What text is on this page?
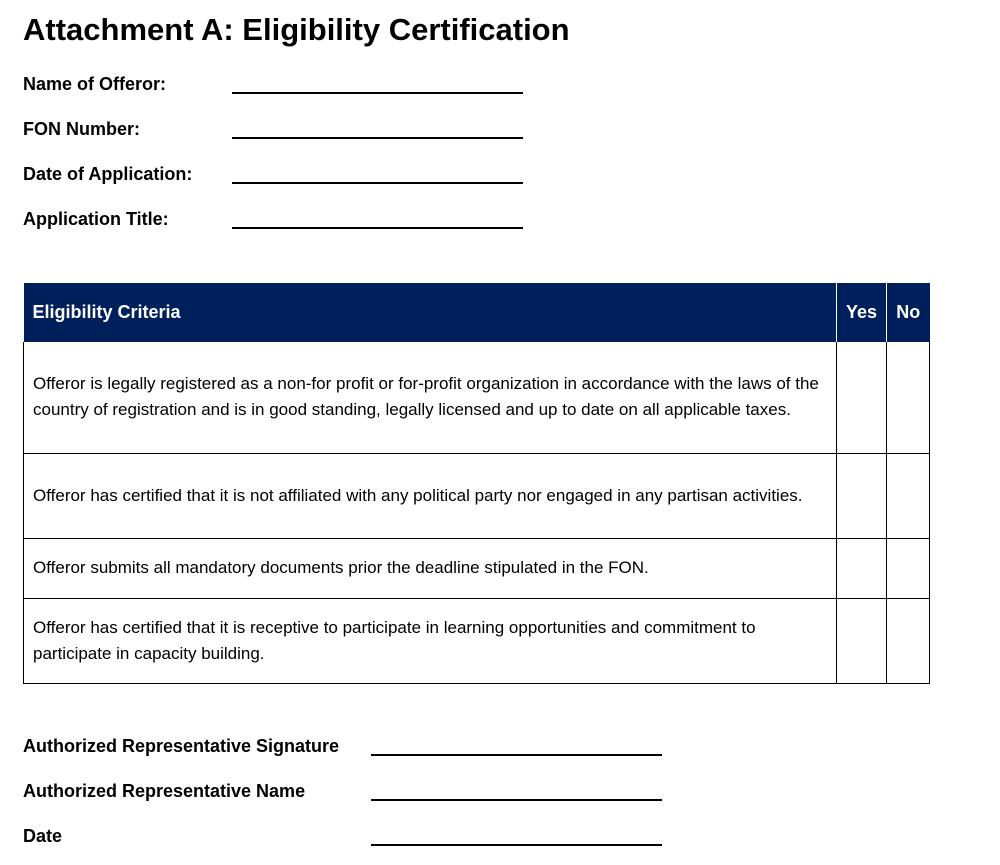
Attachment A: Eligibility Certification
Name of Offeror:
FON Number:
Date of Application:
Application Title:
Eligibility Criteria	Yes	No
Offeror is legally registered as a non-for profit or for-profit organization in accordance with the laws of the country of registration and is in good standing, legally licensed and up to date on all applicable taxes.		
Offeror has certified that it is not affiliated with any political party nor engaged in any partisan activities.		
Offeror submits all mandatory documents prior the deadline stipulated in the FON.		
Offeror has certified that it is receptive to participate in learning opportunities and commitment to participate in capacity building.		
Authorized Representative Signature
Authorized Representative Name
Date
